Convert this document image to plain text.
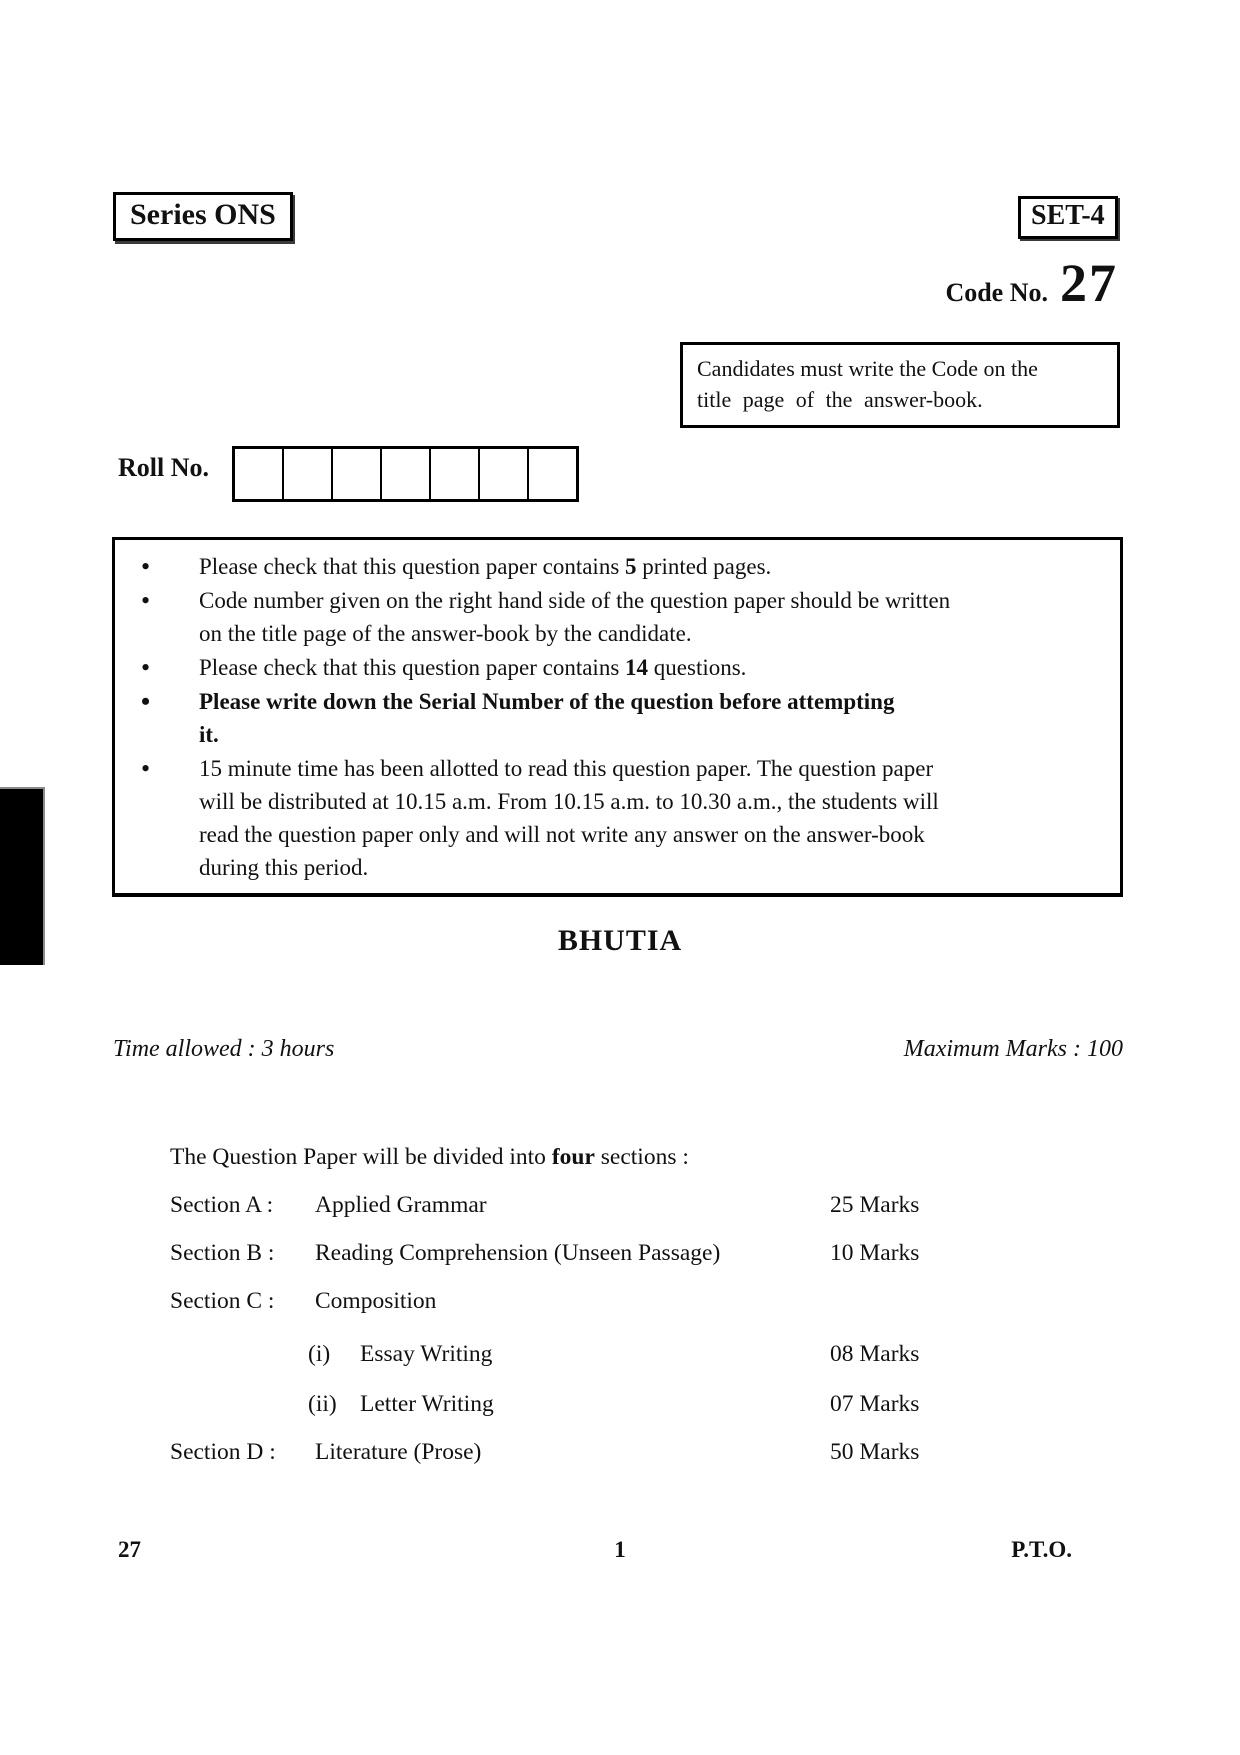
Series ONS	SET-4
Code No. 27
Candidates must write the Code on the
title page of the answer-book.
Roll No.
• Please check that this question paper contains 5 printed pages.
• Code number given on the right hand side of the question paper should be written
on the title page of the answer-book by the candidate.
• Please check that this question paper contains 14 questions.
• Please write down the Serial Number of the question before attempting
it.
• 15 minute time has been allotted to read this question paper. The question paper
will be distributed at 10.15 a.m. From 10.15 a.m. to 10.30 a.m., the students will
read the question paper only and will not write any answer on the answer-book
during this period.
BHUTIA
Time allowed : 3 hours	Maximum Marks : 100
The Question Paper will be divided into four sections :
Section A : Applied Grammar	25 Marks
Section B : Reading Comprehension (Unseen Passage)	10 Marks
Section C : Composition
(i) Essay Writing	08 Marks
(ii) Letter Writing	07 Marks
Section D : Literature (Prose)	50 Marks
27	1	P.T.O.
